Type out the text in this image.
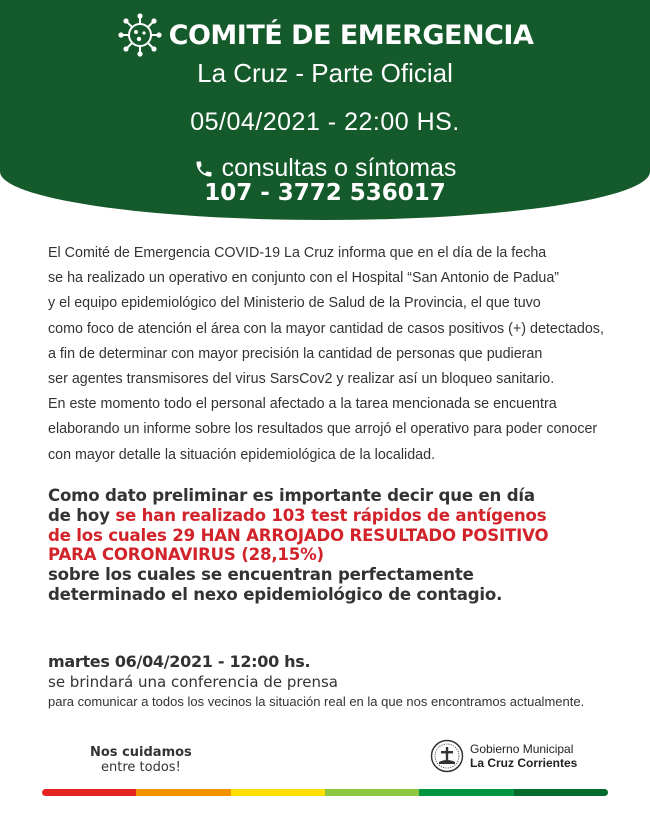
COMITÉ DE EMERGENCIA
La Cruz - Parte Oficial
05/04/2021 - 22:00 HS.
consultas o síntomas
107 - 3772 536017
El Comité de Emergencia COVID-19 La Cruz informa que en el día de la fecha
se ha realizado un operativo en conjunto con el Hospital “San Antonio de Padua”
y el equipo epidemiológico del Ministerio de Salud de la Provincia, el que tuvo
como foco de atención el área con la mayor cantidad de casos positivos (+) detectados,
a fin de determinar con mayor precisión la cantidad de personas que pudieran
ser agentes transmisores del virus SarsCov2 y realizar así un bloqueo sanitario.
En este momento todo el personal afectado a la tarea mencionada se encuentra
elaborando un informe sobre los resultados que arrojó el operativo para poder conocer
con mayor detalle la situación epidemiológica de la localidad.
Como dato preliminar es importante decir que en día
de hoy se han realizado 103 test rápidos de antígenos
de los cuales 29 HAN ARROJADO RESULTADO POSITIVO
PARA CORONAVIRUS (28,15%)
sobre los cuales se encuentran perfectamente
determinado el nexo epidemiológico de contagio.
martes 06/04/2021 - 12:00 hs.
se brindará una conferencia de prensa
para comunicar a todos los vecinos la situación real en la que nos encontramos actualmente.
Nos cuidamos
entre todos!
Gobierno Municipal
La Cruz Corrientes
